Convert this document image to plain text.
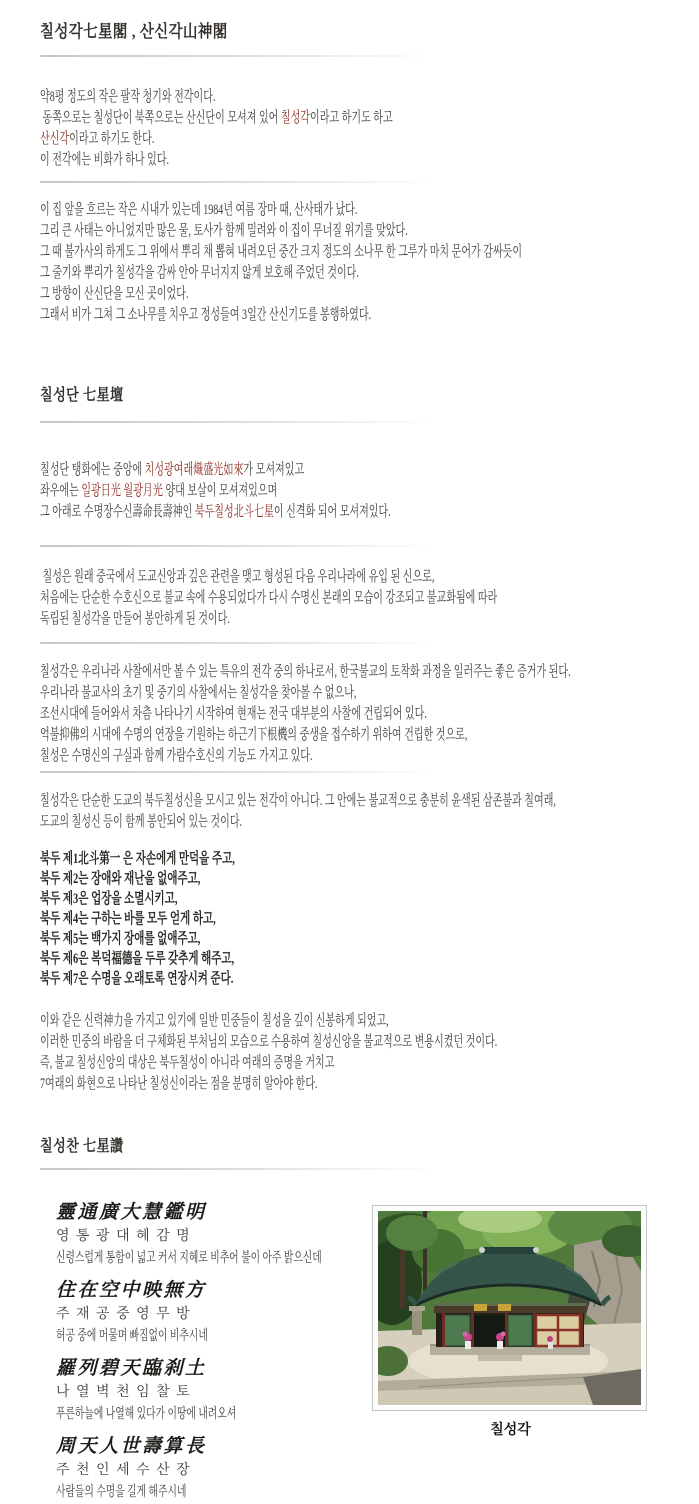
칠성각七星閣 , 산신각山神閣
약8평 정도의 작은 팔작 청기와 전각이다.
동쪽으로는 칠성단이 북쪽으로는 산신단이 모셔져 있어 칠성각이라고 하기도 하고
산신각이라고 하기도 한다.
이 전각에는 비화가 하나 있다.
이 집 앞을 흐르는 작은 시내가 있는데 1984년 여름 장마 때, 산사태가 났다.
그리 큰 사태는 아니었지만 많은 물, 토사가 함께 밀려와 이 집이 무너질 위기를 맞았다.
그 때 불가사의 하게도 그 위에서 뿌리 채 뽑혀 내려오던 중간 크지 정도의 소나무 한 그루가 마치 문어가 감싸듯이
그 줄기와 뿌리가 칠성각을 감싸 안아 무너지지 않게 보호해 주었던 것이다.
그 방향이 산신단을 모신 곳이었다.
그래서 비가 그쳐 그 소나무를 치우고 정성들여 3일간 산신기도를 봉행하였다.
칠성단 七星壇
칠성단 탱화에는 중앙에 치성광여래熾盛光如來가 모셔져있고
좌우에는 일광日光 월광月光 양대 보살이 모셔져있으며
그 아래로 수명장수신壽命長壽神인 북두칠성北斗七星이 신격화 되어 모셔져있다.
칠성은 원래 중국에서 도교신앙과 깊은 관련을 맺고 형성된 다음 우리나라에 유입 된 신으로,
처음에는 단순한 수호신으로 불교 속에 수용되었다가 다시 수명신 본래의 모습이 강조되고 불교화됨에 따라
독립된 칠성각을 만들어 봉안하게 된 것이다.
칠성각은 우리나라 사찰에서만 볼 수 있는 특유의 전각 중의 하나로서, 한국불교의 토착화 과정을 일러주는 좋은 증거가 된다.
우리나라 불교사의 초기 및 중기의 사찰에서는 칠성각을 찾아볼 수 없으나,
조선시대에 들어와서 차츰 나타나기 시작하여 현재는 전국 대부분의 사찰에 건립되어 있다.
억불抑佛의 시대에 수명의 연장을 기원하는 하근기下根機의 중생을 접수하기 위하여 건립한 것으로,
칠성은 수명신의 구실과 함께 가람수호신의 기능도 가지고 있다.
칠성각은 단순한 도교의 북두칠성신을 모시고 있는 전각이 아니다. 그 안에는 불교적으로 충분히 윤색된 삼존불과 칠여래,
도교의 칠성신 등이 함께 봉안되어 있는 것이다.
북두 제1北斗第一 은 자손에게 만덕을 주고,
북두 제2는 장애와 재난을 없애주고,
북두 제3은 업장을 소멸시키고,
북두 제4는 구하는 바를 모두 얻게 하고,
북두 제5는 백가지 장애를 없애주고,
북두 제6은 복덕福德을 두루 갖추게 해주고,
북두 제7은 수명을 오래토록 연장시켜 준다.
이와 같은 신력神力을 가지고 있기에 일반 민중들이 칠성을 깊이 신봉하게 되었고,
이러한 민중의 바람을 더 구체화된 부처님의 모습으로 수용하여 칠성신앙을 불교적으로 변용시켰던 것이다.
즉, 불교 칠성신앙의 대상은 북두칠성이 아니라 여래의 증명을 거치고
7여래의 화현으로 나타난 칠성신이라는 점을 분명히 알아야 한다.
칠성찬 七星讚
靈通廣大慧鑑明
영 통 광 대 혜 감 명
신령스럽게 통함이 넓고 커서 지혜로 비추어 불이 아주 밝으신데
住在空中映無方
주 재 공 중 영 무 방
허공 중에 머물며 빠짐없이 비추시네
羅列碧天臨刹土
나 열 벽 천 임 찰 토
푸른하늘에 나열해 있다가 이땅에 내려오셔
周天人世壽算長
주 천 인 세 수 산 장
사람들의 수명을 길게 해주시네
칠성각
